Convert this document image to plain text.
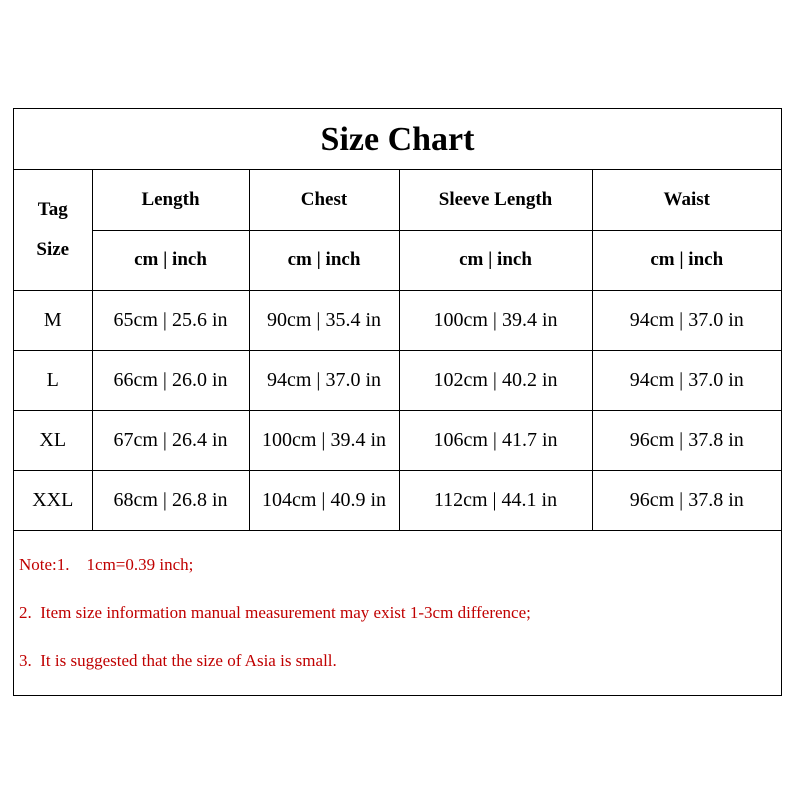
Size Chart
Tag
Size	Length	Chest	Sleeve Length	Waist
	cm | inch	cm | inch	cm | inch	cm | inch
M	65cm | 25.6 in	90cm | 35.4 in	100cm | 39.4 in	94cm | 37.0 in
L	66cm | 26.0 in	94cm | 37.0 in	102cm | 40.2 in	94cm | 37.0 in
XL	67cm | 26.4 in	100cm | 39.4 in	106cm | 41.7 in	96cm | 37.8 in
XXL	68cm | 26.8 in	104cm | 40.9 in	112cm | 44.1 in	96cm | 37.8 in
Note:1.    1cm=0.39 inch;
2.  Item size information manual measurement may exist 1-3cm difference;
3.  It is suggested that the size of Asia is small.
